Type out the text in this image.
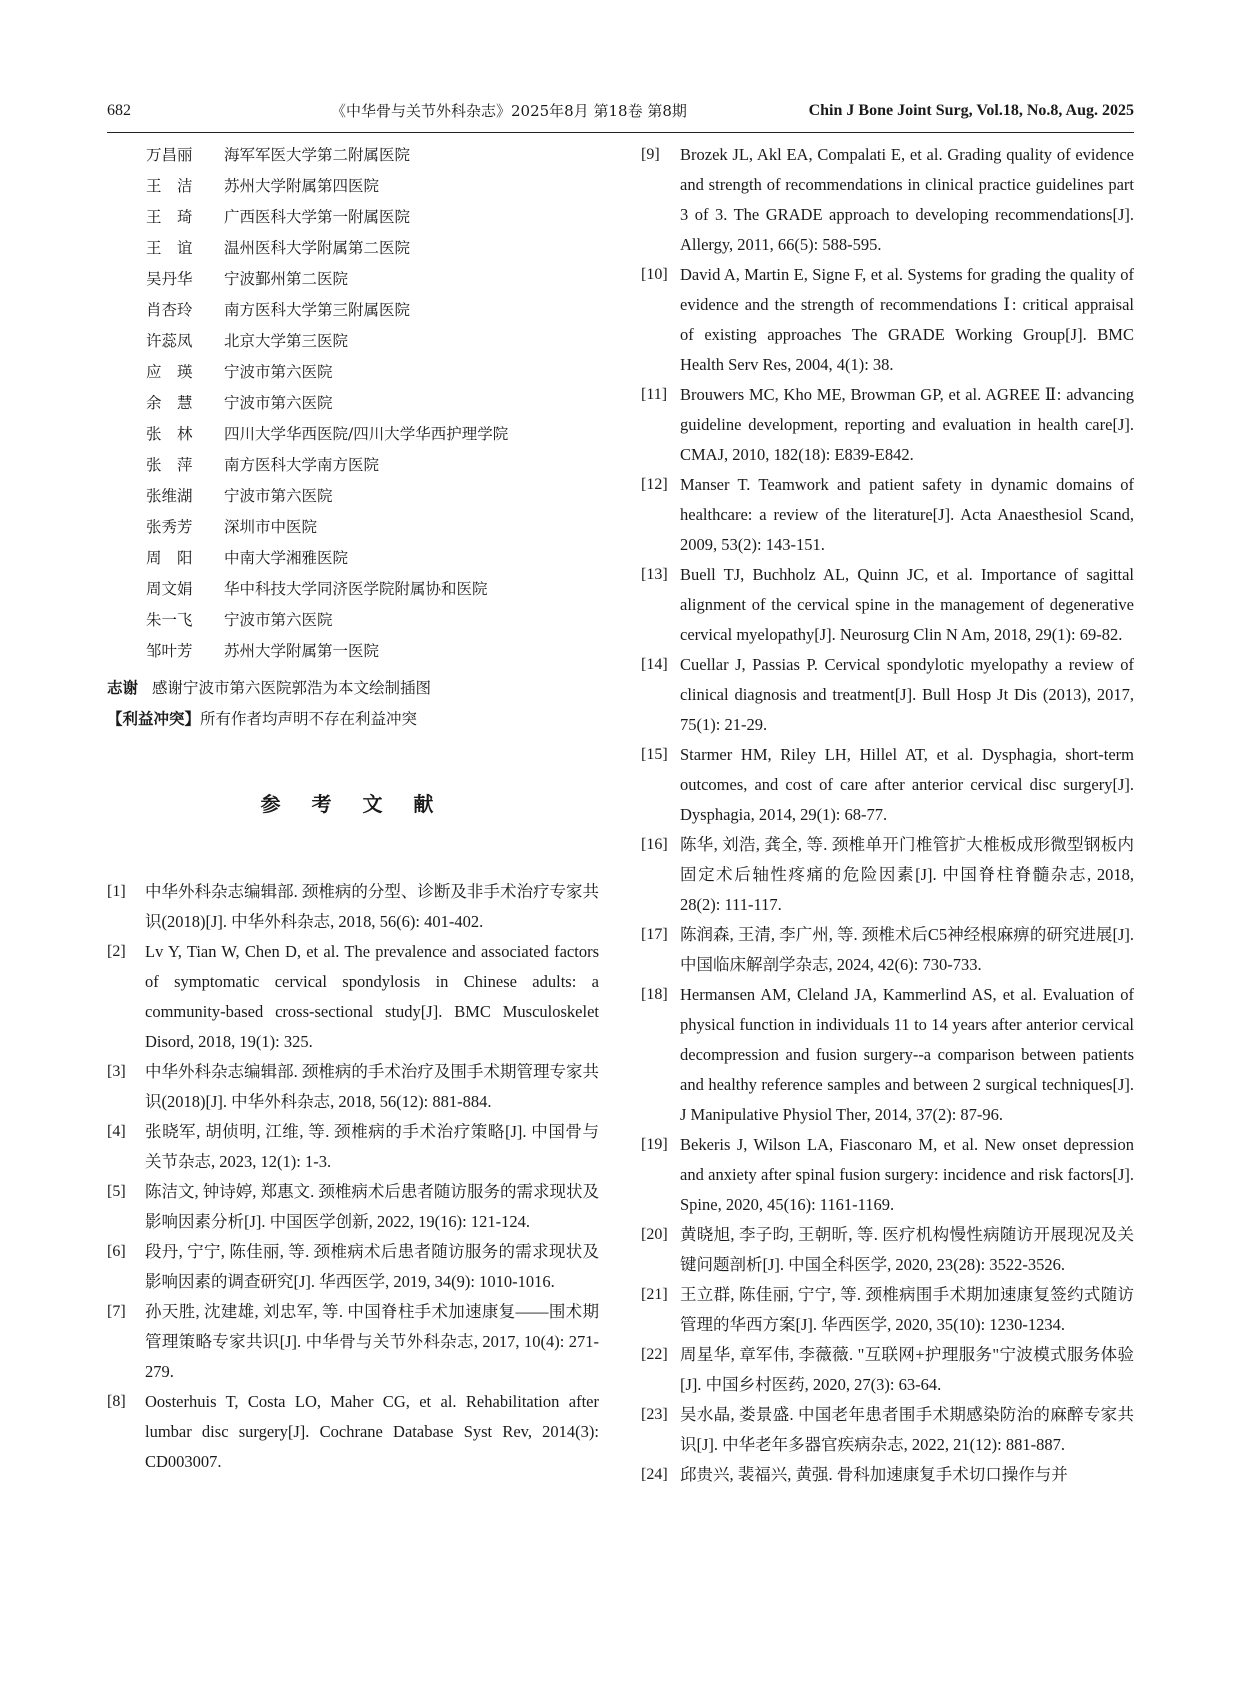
682	《中华骨与关节外科杂志》2025年8月 第18卷 第8期	Chin J Bone Joint Surg, Vol.18, No.8, Aug. 2025
万昌丽 海军军医大学第二附属医院
王　洁 苏州大学附属第四医院
王　琦 广西医科大学第一附属医院
王　谊 温州医科大学附属第二医院
吴丹华 宁波鄞州第二医院
肖杏玲 南方医科大学第三附属医院
许蕊凤 北京大学第三医院
应　瑛 宁波市第六医院
余　慧 宁波市第六医院
张　林 四川大学华西医院/四川大学华西护理学院
张　萍 南方医科大学南方医院
张维湖 宁波市第六医院
张秀芳 深圳市中医院
周　阳 中南大学湘雅医院
周文娟 华中科技大学同济医学院附属协和医院
朱一飞 宁波市第六医院
邹叶芳 苏州大学附属第一医院
志谢 感谢宁波市第六医院郭浩为本文绘制插图
【利益冲突】所有作者均声明不存在利益冲突
参 考 文 献
[1]	中华外科杂志编辑部. 颈椎病的分型、诊断及非手术治疗专家共识(2018)[J]. 中华外科杂志, 2018, 56(6): 401-402.
[2]	Lv Y, Tian W, Chen D, et al. The prevalence and associated factors of symptomatic cervical spondylosis in Chinese adults: a community-based cross-sectional study[J]. BMC Musculoskelet Disord, 2018, 19(1): 325.
[3]	中华外科杂志编辑部. 颈椎病的手术治疗及围手术期管理专家共识(2018)[J]. 中华外科杂志, 2018, 56(12): 881-884.
[4]	张晓军, 胡侦明, 江维, 等. 颈椎病的手术治疗策略[J]. 中国骨与关节杂志, 2023, 12(1): 1-3.
[5]	陈洁文, 钟诗婷, 郑惠文. 颈椎病术后患者随访服务的需求现状及影响因素分析[J]. 中国医学创新, 2022, 19(16): 121-124.
[6]	段丹, 宁宁, 陈佳丽, 等. 颈椎病术后患者随访服务的需求现状及影响因素的调查研究[J]. 华西医学, 2019, 34(9): 1010-1016.
[7]	孙天胜, 沈建雄, 刘忠军, 等. 中国脊柱手术加速康复——围术期管理策略专家共识[J]. 中华骨与关节外科杂志, 2017, 10(4): 271-279.
[8]	Oosterhuis T, Costa LO, Maher CG, et al. Rehabilitation after lumbar disc surgery[J]. Cochrane Database Syst Rev, 2014(3): CD003007.
[9]	Brozek JL, Akl EA, Compalati E, et al. Grading quality of evidence and strength of recommendations in clinical practice guidelines part 3 of 3. The GRADE approach to developing recommendations[J]. Allergy, 2011, 66(5): 588-595.
[10] David A, Martin E, Signe F, et al. Systems for grading the quality of evidence and the strength of recommendations Ⅰ: critical appraisal of existing approaches The GRADE Working Group[J]. BMC Health Serv Res, 2004, 4(1): 38.
[11] Brouwers MC, Kho ME, Browman GP, et al. AGREE Ⅱ: advancing guideline development, reporting and evaluation in health care[J]. CMAJ, 2010, 182(18): E839-E842.
[12] Manser T. Teamwork and patient safety in dynamic domains of healthcare: a review of the literature[J]. Acta Anaesthesiol Scand, 2009, 53(2): 143-151.
[13] Buell TJ, Buchholz AL, Quinn JC, et al. Importance of sagittal alignment of the cervical spine in the management of degenerative cervical myelopathy[J]. Neurosurg Clin N Am, 2018, 29(1): 69-82.
[14] Cuellar J, Passias P. Cervical spondylotic myelopathy a review of clinical diagnosis and treatment[J]. Bull Hosp Jt Dis (2013), 2017, 75(1): 21-29.
[15] Starmer HM, Riley LH, Hillel AT, et al. Dysphagia, short-term outcomes, and cost of care after anterior cervical disc surgery[J]. Dysphagia, 2014, 29(1): 68-77.
[16] 陈华, 刘浩, 龚全, 等. 颈椎单开门椎管扩大椎板成形微型钢板内固定术后轴性疼痛的危险因素[J]. 中国脊柱脊髓杂志, 2018, 28(2): 111-117.
[17] 陈润森, 王清, 李广州, 等. 颈椎术后C5神经根麻痹的研究进展[J]. 中国临床解剖学杂志, 2024, 42(6): 730-733.
[18] Hermansen AM, Cleland JA, Kammerlind AS, et al. Evaluation of physical function in individuals 11 to 14 years after anterior cervical decompression and fusion surgery--a comparison between patients and healthy reference samples and between 2 surgical techniques[J]. J Manipulative Physiol Ther, 2014, 37(2): 87-96.
[19] Bekeris J, Wilson LA, Fiasconaro M, et al. New onset depression and anxiety after spinal fusion surgery: incidence and risk factors[J]. Spine, 2020, 45(16): 1161-1169.
[20] 黄晓旭, 李子昀, 王朝昕, 等. 医疗机构慢性病随访开展现况及关键问题剖析[J]. 中国全科医学, 2020, 23(28): 3522-3526.
[21] 王立群, 陈佳丽, 宁宁, 等. 颈椎病围手术期加速康复签约式随访管理的华西方案[J]. 华西医学, 2020, 35(10): 1230-1234.
[22] 周星华, 章军伟, 李薇薇. "互联网+护理服务"宁波模式服务体验[J]. 中国乡村医药, 2020, 27(3): 63-64.
[23] 吴水晶, 娄景盛. 中国老年患者围手术期感染防治的麻醉专家共识[J]. 中华老年多器官疾病杂志, 2022, 21(12): 881-887.
[24] 邱贵兴, 裴福兴, 黄强. 骨科加速康复手术切口操作与并
